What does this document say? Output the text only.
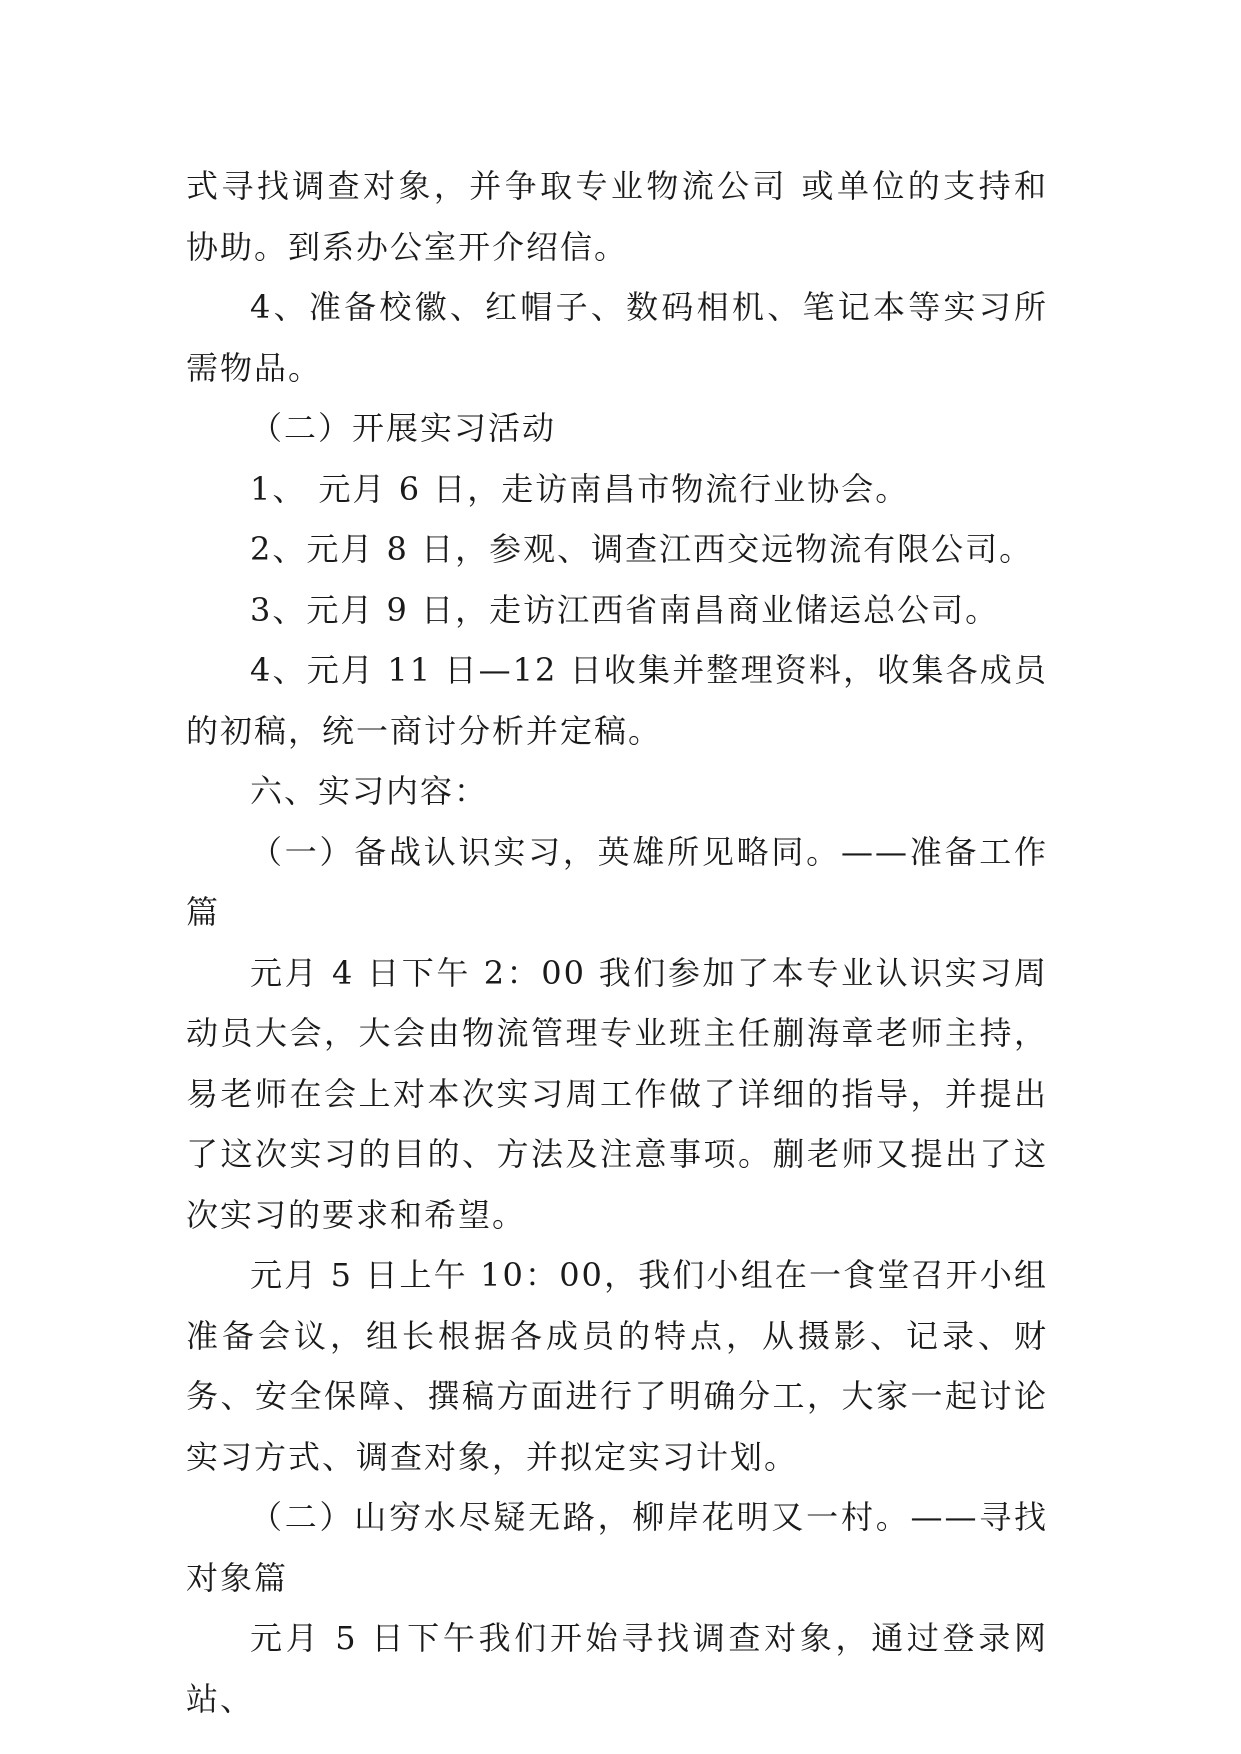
式寻找调查对象，并争取专业物流公司 或单位的支持和协助。到系办公室开介绍信。

4、准备校徽、红帽子、数码相机、笔记本等实习所需物品。

（二）开展实习活动

1、 元月 6 日，走访南昌市物流行业协会。

2、元月 8 日，参观、调查江西交远物流有限公司。

3、元月 9 日，走访江西省南昌商业储运总公司。

4、元月 11 日—12 日收集并整理资料，收集各成员的初稿，统一商讨分析并定稿。

六、实习内容：

（一）备战认识实习，英雄所见略同。——准备工作篇

元月 4 日下午 2：00 我们参加了本专业认识实习周动员大会，大会由物流管理专业班主任蒯海章老师主持，易老师在会上对本次实习周工作做了详细的指导，并提出了这次实习的目的、方法及注意事项。蒯老师又提出了这次实习的要求和希望。

元月 5 日上午 10：00，我们小组在一食堂召开小组准备会议，组长根据各成员的特点，从摄影、记录、财务、安全保障、撰稿方面进行了明确分工，大家一起讨论实习方式、调查对象，并拟定实习计划。

（二）山穷水尽疑无路，柳岸花明又一村。——寻找对象篇

元月 5 日下午我们开始寻找调查对象，通过登录网站、
